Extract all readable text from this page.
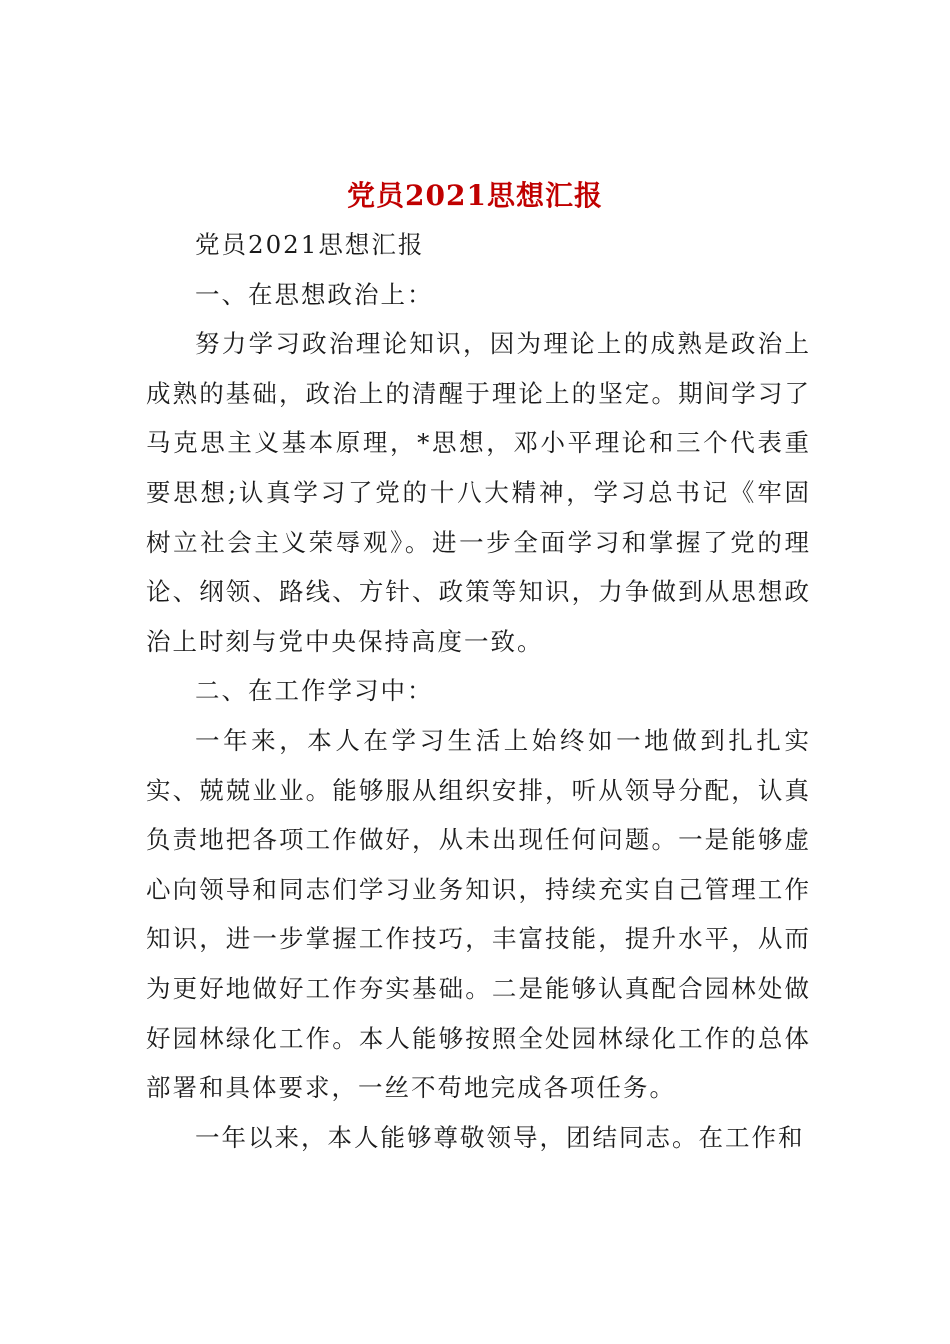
党员2021思想汇报

党员2021思想汇报

一、在思想政治上：

努力学习政治理论知识，因为理论上的成熟是政治上成熟的基础，政治上的清醒于理论上的坚定。期间学习了马克思主义基本原理，*思想，邓小平理论和三个代表重要思想;认真学习了党的十八大精神，学习总书记《牢固树立社会主义荣辱观》。进一步全面学习和掌握了党的理论、纲领、路线、方针、政策等知识，力争做到从思想政治上时刻与党中央保持高度一致。

二、在工作学习中：

一年来，本人在学习生活上始终如一地做到扎扎实实、兢兢业业。能够服从组织安排，听从领导分配，认真负责地把各项工作做好，从未出现任何问题。一是能够虚心向领导和同志们学习业务知识，持续充实自己管理工作知识，进一步掌握工作技巧，丰富技能，提升水平，从而为更好地做好工作夯实基础。二是能够认真配合园林处做好园林绿化工作。本人能够按照全处园林绿化工作的总体部署和具体要求，一丝不苟地完成各项任务。

一年以来，本人能够尊敬领导，团结同志。在工作和
